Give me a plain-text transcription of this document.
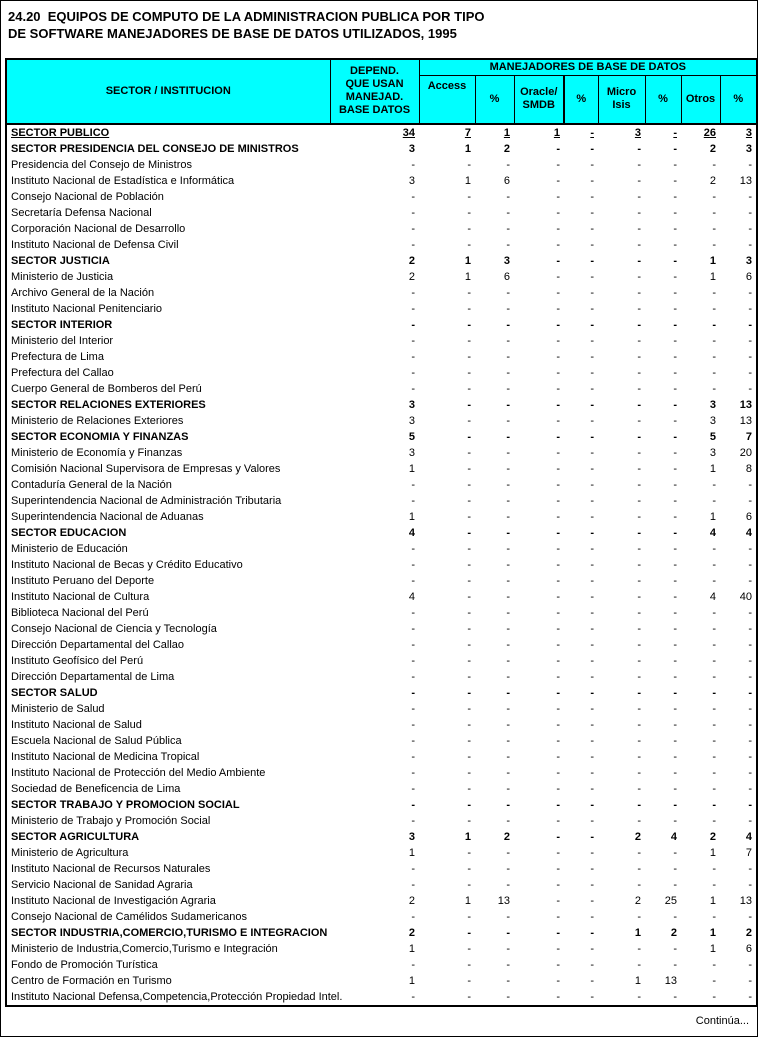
24.20  EQUIPOS DE COMPUTO DE LA ADMINISTRACION PUBLICA POR TIPO
DE SOFTWARE MANEJADORES DE BASE DE DATOS UTILIZADOS, 1995
SECTOR / INSTITUCION	DEPEND.
QUE USAN
MANEJAD.
BASE DATOS	MANEJADORES DE BASE DE DATOS							
		Access	%	Oracle/
SMDB	%	Micro
Isis	%	Otros	%
SECTOR PUBLICO	34	7	1	1	-	3	-	26	3
SECTOR PRESIDENCIA DEL CONSEJO DE MINISTROS	3	1	2	-	-	-	-	2	3
Presidencia del Consejo de Ministros	-	-	-	-	-	-	-	-	-
Instituto Nacional de Estadística e Informática	3	1	6	-	-	-	-	2	13
Consejo Nacional de Población	-	-	-	-	-	-	-	-	-
Secretaría Defensa Nacional	-	-	-	-	-	-	-	-	-
Corporación Nacional de Desarrollo	-	-	-	-	-	-	-	-	-
Instituto Nacional de Defensa Civil	-	-	-	-	-	-	-	-	-
SECTOR JUSTICIA	2	1	3	-	-	-	-	1	3
Ministerio de Justicia	2	1	6	-	-	-	-	1	6
Archivo General de la Nación	-	-	-	-	-	-	-	-	-
Instituto Nacional Penitenciario	-	-	-	-	-	-	-	-	-
SECTOR INTERIOR	-	-	-	-	-	-	-	-	-
Ministerio del Interior	-	-	-	-	-	-	-	-	-
Prefectura de Lima	-	-	-	-	-	-	-	-	-
Prefectura del Callao	-	-	-	-	-	-	-	-	-
Cuerpo General de Bomberos del Perú	-	-	-	-	-	-	-	-	-
SECTOR RELACIONES EXTERIORES	3	-	-	-	-	-	-	3	13
Ministerio de Relaciones Exteriores	3	-	-	-	-	-	-	3	13
SECTOR ECONOMIA Y FINANZAS	5	-	-	-	-	-	-	5	7
Ministerio de Economía y Finanzas	3	-	-	-	-	-	-	3	20
Comisión Nacional Supervisora de Empresas y Valores	1	-	-	-	-	-	-	1	8
Contaduría General de la Nación	-	-	-	-	-	-	-	-	-
Superintendencia Nacional de Administración Tributaria	-	-	-	-	-	-	-	-	-
Superintendencia Nacional de Aduanas	1	-	-	-	-	-	-	1	6
SECTOR EDUCACION	4	-	-	-	-	-	-	4	4
Ministerio de Educación	-	-	-	-	-	-	-	-	-
Instituto Nacional de Becas y Crédito Educativo	-	-	-	-	-	-	-	-	-
Instituto Peruano del Deporte	-	-	-	-	-	-	-	-	-
Instituto Nacional de Cultura	4	-	-	-	-	-	-	4	40
Biblioteca Nacional del Perú	-	-	-	-	-	-	-	-	-
Consejo Nacional de Ciencia y Tecnología	-	-	-	-	-	-	-	-	-
Dirección Departamental del Callao	-	-	-	-	-	-	-	-	-
Instituto Geofísico del Perú	-	-	-	-	-	-	-	-	-
Dirección Departamental de Lima	-	-	-	-	-	-	-	-	-
SECTOR SALUD	-	-	-	-	-	-	-	-	-
Ministerio de Salud	-	-	-	-	-	-	-	-	-
Instituto Nacional de Salud	-	-	-	-	-	-	-	-	-
Escuela Nacional de Salud Pública	-	-	-	-	-	-	-	-	-
Instituto Nacional de Medicina Tropical	-	-	-	-	-	-	-	-	-
Instituto Nacional de Protección del Medio Ambiente	-	-	-	-	-	-	-	-	-
Sociedad de Beneficencia de Lima	-	-	-	-	-	-	-	-	-
SECTOR TRABAJO Y PROMOCION SOCIAL	-	-	-	-	-	-	-	-	-
Ministerio de Trabajo y Promoción Social	-	-	-	-	-	-	-	-	-
SECTOR AGRICULTURA	3	1	2	-	-	2	4	2	4
Ministerio de Agricultura	1	-	-	-	-	-	-	1	7
Instituto Nacional de Recursos Naturales	-	-	-	-	-	-	-	-	-
Servicio Nacional de Sanidad Agraria	-	-	-	-	-	-	-	-	-
Instituto Nacional de Investigación Agraria	2	1	13	-	-	2	25	1	13
Consejo Nacional de Camélidos Sudamericanos	-	-	-	-	-	-	-	-	-
SECTOR INDUSTRIA,COMERCIO,TURISMO E INTEGRACION	2	-	-	-	-	1	2	1	2
Ministerio de Industria,Comercio,Turismo e Integración	1	-	-	-	-	-	-	1	6
Fondo de Promoción Turística	-	-	-	-	-	-	-	-	-
Centro de Formación en Turismo	1	-	-	-	-	1	13	-	-
Instituto Nacional Defensa,Competencia,Protección Propiedad Intel.	-	-	-	-	-	-	-	-	-
Continúa...
